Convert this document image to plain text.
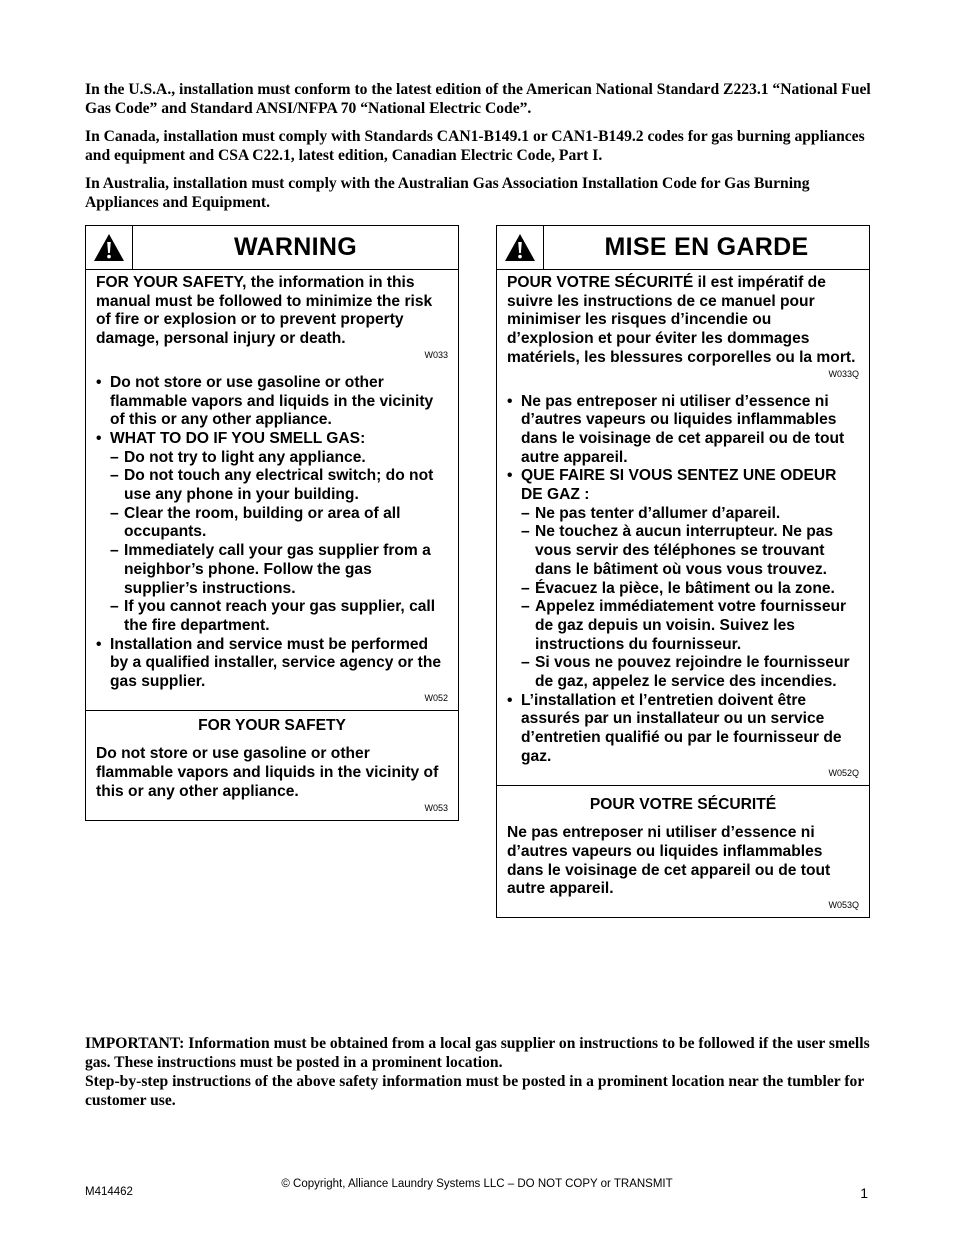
In the U.S.A., installation must conform to the latest edition of the American National Standard Z223.1 “National Fuel Gas Code” and Standard ANSI/NFPA 70 “National Electric Code”.

In Canada, installation must comply with Standards CAN1-B149.1 or CAN1-B149.2 codes for gas burning appliances and equipment and CSA C22.1, latest edition, Canadian Electric Code, Part I.

In Australia, installation must comply with the Australian Gas Association Installation Code for Gas Burning Appliances and Equipment.

WARNING

FOR YOUR SAFETY, the information in this manual must be followed to minimize the risk of fire or explosion or to prevent property damage, personal injury or death.

W033
• Do not store or use gasoline or other flammable vapors and liquids in the vicinity of this or any other appliance.
• WHAT TO DO IF YOU SMELL GAS:
– Do not try to light any appliance.
– Do not touch any electrical switch; do not use any phone in your building.
– Clear the room, building or area of all occupants.
– Immediately call your gas supplier from a neighbor’s phone. Follow the gas supplier’s instructions.
– If you cannot reach your gas supplier, call the fire department.
• Installation and service must be performed by a qualified installer, service agency or the gas supplier.
W052

FOR YOUR SAFETY

Do not store or use gasoline or other flammable vapors and liquids in the vicinity of this or any other appliance.

W053
MISE EN GARDE

POUR VOTRE SÉCURITÉ il est impératif de suivre les instructions de ce manuel pour minimiser les risques d’incendie ou d’explosion et pour éviter les dommages matériels, les blessures corporelles ou la mort.

W033Q
• Ne pas entreposer ni utiliser d’essence ni d’autres vapeurs ou liquides inflammables dans le voisinage de cet appareil ou de tout autre appareil.
• QUE FAIRE SI VOUS SENTEZ UNE ODEUR DE GAZ :
– Ne pas tenter d’allumer d’apareil.
– Ne touchez à aucun interrupteur. Ne pas vous servir des téléphones se trouvant dans le bâtiment où vous vous trouvez.
– Évacuez la pièce, le bâtiment ou la zone.
– Appelez immédiatement votre fournisseur de gaz depuis un voisin. Suivez les instructions du fournisseur.
– Si vous ne pouvez rejoindre le fournisseur de gaz, appelez le service des incendies.
• L’installation et l’entretien doivent être assurés par un installateur ou un service d’entretien qualifié ou par le fournisseur de gaz.
W052Q

POUR VOTRE SÉCURITÉ

Ne pas entreposer ni utiliser d’essence ni d’autres vapeurs ou liquides inflammables dans le voisinage de cet appareil ou de tout autre appareil.

W053Q

IMPORTANT: Information must be obtained from a local gas supplier on instructions to be followed if the user smells gas. These instructions must be posted in a prominent location.

Step-by-step instructions of the above safety information must be posted in a prominent location near the tumbler for customer use.

M414462
© Copyright, Alliance Laundry Systems LLC – DO NOT COPY or TRANSMIT
1
